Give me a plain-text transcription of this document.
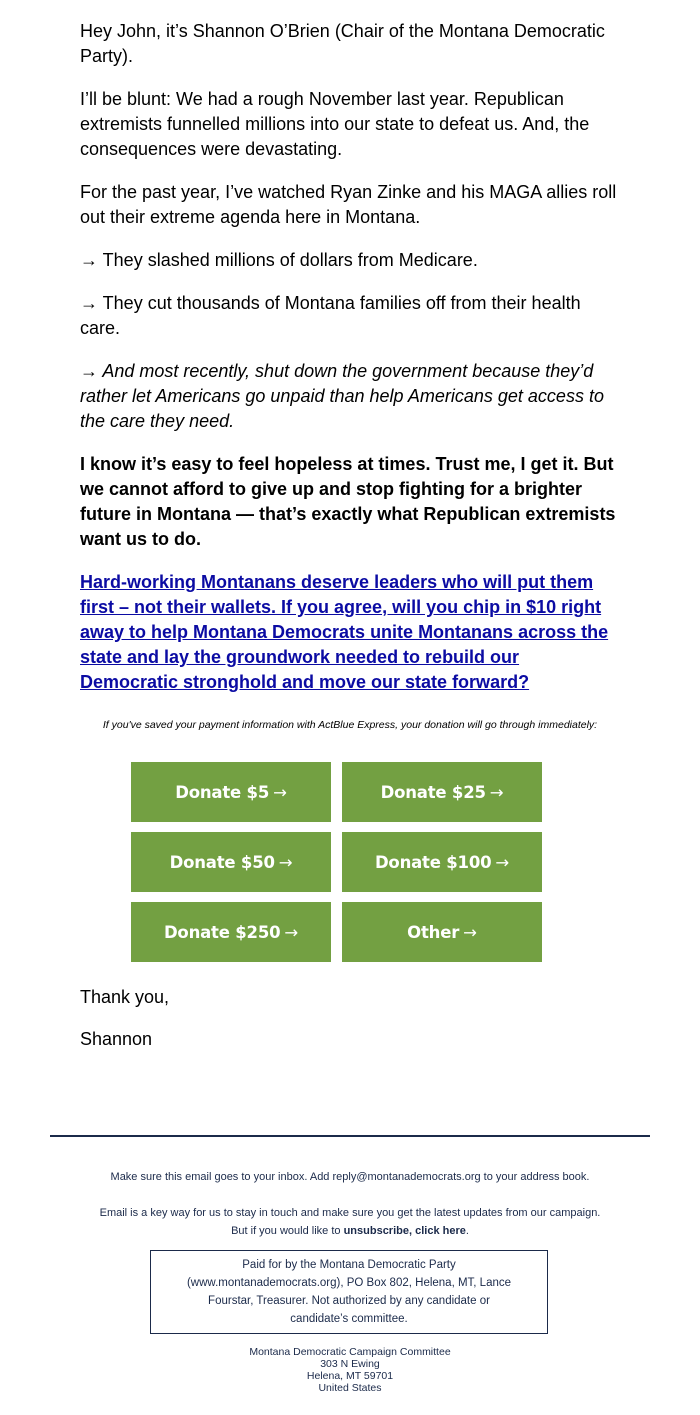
Hey John, it’s Shannon O’Brien (Chair of the Montana Democratic Party).

I’ll be blunt: We had a rough November last year. Republican extremists funnelled millions into our state to defeat us. And, the consequences were devastating.

For the past year, I’ve watched Ryan Zinke and his MAGA allies roll out their extreme agenda here in Montana.

→ They slashed millions of dollars from Medicare.

→ They cut thousands of Montana families off from their health care.

→ And most recently, shut down the government because they’d rather let Americans go unpaid than help Americans get access to the care they need.

I know it’s easy to feel hopeless at times. Trust me, I get it. But we cannot afford to give up and stop fighting for a brighter future in Montana — that’s exactly what Republican extremists want us to do.

Hard-working Montanans deserve leaders who will put them first – not their wallets. If you agree, will you chip in $10 right away to help Montana Democrats unite Montanans across the state and lay the groundwork needed to rebuild our Democratic stronghold and move our state forward?
If you've saved your payment information with ActBlue Express, your donation will go through immediately:
Donate $5 →	Donate $25 →
Donate $50 →	Donate $100 →
Donate $250 →	Other →

Thank you,

Shannon

Make sure this email goes to your inbox. Add reply@montanademocrats.org to your address book.
Email is a key way for us to stay in touch and make sure you get the latest updates from our campaign.
But if you would like to unsubscribe, click here.

Paid for by the Montana Democratic Party (www.montanademocrats.org), PO Box 802, Helena, MT, Lance Fourstar, Treasurer. Not authorized by any candidate or candidate’s committee.

Montana Democratic Campaign Committee
303 N Ewing
Helena, MT 59701
United States
